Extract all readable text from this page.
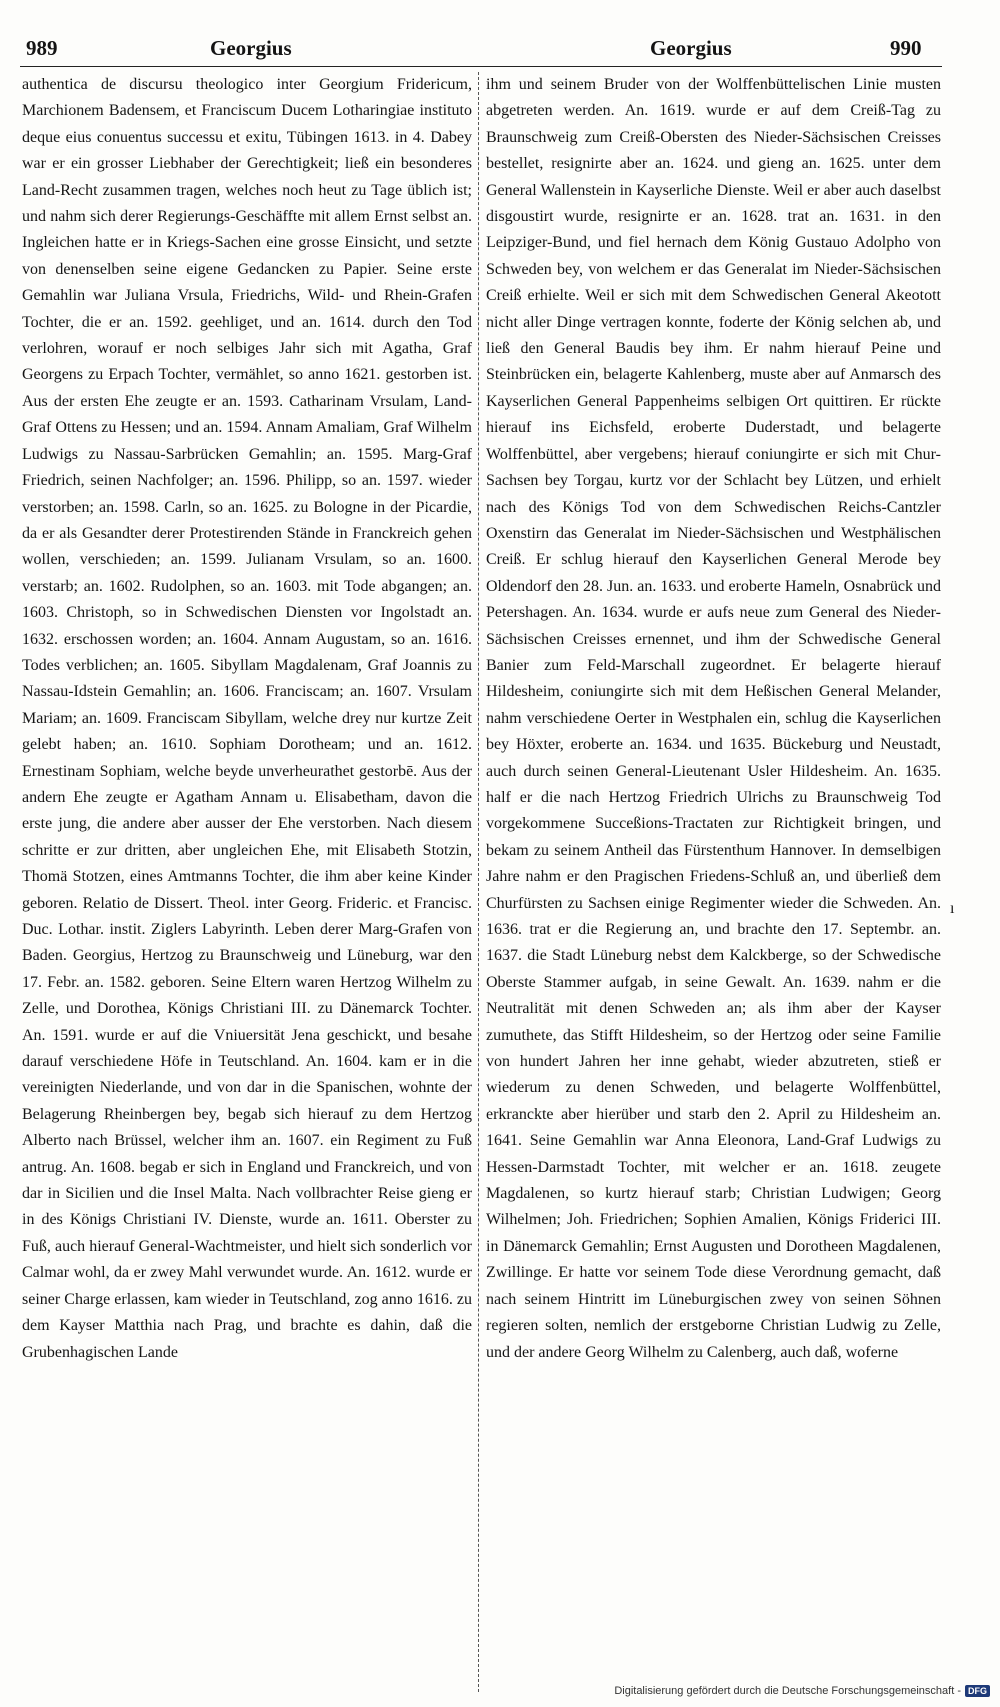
989	Georgius	Georgius	990

authentica de discursu theologico inter Georgium Fridericum, Marchionem Badensem, et Franciscum Ducem Lotharingiae instituto deque eius conuentus successu et exitu, Tübingen 1613. in 4. Dabey war er ein grosser Liebhaber der Gerechtigkeit; ließ ein besonderes Land-Recht zusammen tragen, welches noch heut zu Tage üblich ist; und nahm sich derer Regierungs-Geschäffte mit allem Ernst selbst an. Ingleichen hatte er in Kriegs-Sachen eine grosse Einsicht, und setzte von denenselben seine eigene Gedancken zu Papier. Seine erste Gemahlin war Juliana Vrsula, Friedrichs, Wild- und Rhein-Grafen Tochter, die er an. 1592. geehliget, und an. 1614. durch den Tod verlohren, worauf er noch selbiges Jahr sich mit Agatha, Graf Georgens zu Erpach Tochter, vermählet, so anno 1621. gestorben ist. Aus der ersten Ehe zeugte er an. 1593. Catharinam Vrsulam, Land-Graf Ottens zu Hessen; und an. 1594. Annam Amaliam, Graf Wilhelm Ludwigs zu Nassau-Sarbrücken Gemahlin; an. 1595. Marg-Graf Friedrich, seinen Nachfolger; an. 1596. Philipp, so an. 1597. wieder verstorben; an. 1598. Carln, so an. 1625. zu Bologne in der Picardie, da er als Gesandter derer Protestirenden Stände in Franckreich gehen wollen, verschieden; an. 1599. Julianam Vrsulam, so an. 1600. verstarb; an. 1602. Rudolphen, so an. 1603. mit Tode abgangen; an. 1603. Christoph, so in Schwedischen Diensten vor Ingolstadt an. 1632. erschossen worden; an. 1604. Annam Augustam, so an. 1616. Todes verblichen; an. 1605. Sibyllam Magdalenam, Graf Joannis zu Nassau-Idstein Gemahlin; an. 1606. Franciscam; an. 1607. Vrsulam Mariam; an. 1609. Franciscam Sibyllam, welche drey nur kurtze Zeit gelebt haben; an. 1610. Sophiam Dorotheam; und an. 1612. Ernestinam Sophiam, welche beyde unverheurathet gestorbē. Aus der andern Ehe zeugte er Agatham Annam u. Elisabetham, davon die erste jung, die andere aber ausser der Ehe verstorben. Nach diesem schritte er zur dritten, aber ungleichen Ehe, mit Elisabeth Stotzin, Thomä Stotzen, eines Amtmanns Tochter, die ihm aber keine Kinder geboren. Relatio de Dissert. Theol. inter Georg. Frideric. et Francisc. Duc. Lothar. instit. Ziglers Labyrinth. Leben derer Marg-Grafen von Baden. Georgius, Hertzog zu Braunschweig und Lüneburg, war den 17. Febr. an. 1582. geboren. Seine Eltern waren Hertzog Wilhelm zu Zelle, und Dorothea, Königs Christiani III. zu Dänemarck Tochter. An. 1591. wurde er auf die Vniuersität Jena geschickt, und besahe darauf verschiedene Höfe in Teutschland. An. 1604. kam er in die vereinigten Niederlande, und von dar in die Spanischen, wohnte der Belagerung Rheinbergen bey, begab sich hierauf zu dem Hertzog Alberto nach Brüssel, welcher ihm an. 1607. ein Regiment zu Fuß antrug. An. 1608. begab er sich in England und Franckreich, und von dar in Sicilien und die Insel Malta. Nach vollbrachter Reise gieng er in des Königs Christiani IV. Dienste, wurde an. 1611. Oberster zu Fuß, auch hierauf General-Wachtmeister, und hielt sich sonderlich vor Calmar wohl, da er zwey Mahl verwundet wurde. An. 1612. wurde er seiner Charge erlassen, kam wieder in Teutschland, zog anno 1616. zu dem Kayser Matthia nach Prag, und brachte es dahin, daß die Grubenhagischen Lande

ihm und seinem Bruder von der Wolffenbüttelischen Linie musten abgetreten werden. An. 1619. wurde er auf dem Creiß-Tag zu Braunschweig zum Creiß-Obersten des Nieder-Sächsischen Creisses bestellet, resignirte aber an. 1624. und gieng an. 1625. unter dem General Wallenstein in Kayserliche Dienste. Weil er aber auch daselbst disgoustirt wurde, resignirte er an. 1628. trat an. 1631. in den Leipziger-Bund, und fiel hernach dem König Gustauo Adolpho von Schweden bey, von welchem er das Generalat im Nieder-Sächsischen Creiß erhielte. Weil er sich mit dem Schwedischen General Akeotott nicht aller Dinge vertragen konnte, foderte der König selchen ab, und ließ den General Baudis bey ihm. Er nahm hierauf Peine und Steinbrücken ein, belagerte Kahlenberg, muste aber auf Anmarsch des Kayserlichen General Pappenheims selbigen Ort quittiren. Er rückte hierauf ins Eichsfeld, eroberte Duderstadt, und belagerte Wolffenbüttel, aber vergebens; hierauf coniungirte er sich mit Chur-Sachsen bey Torgau, kurtz vor der Schlacht bey Lützen, und erhielt nach des Königs Tod von dem Schwedischen Reichs-Cantzler Oxenstirn das Generalat im Nieder-Sächsischen und Westphälischen Creiß. Er schlug hierauf den Kayserlichen General Merode bey Oldendorf den 28. Jun. an. 1633. und eroberte Hameln, Osnabrück und Petershagen. An. 1634. wurde er aufs neue zum General des Nieder-Sächsischen Creisses ernennet, und ihm der Schwedische General Banier zum Feld-Marschall zugeordnet. Er belagerte hierauf Hildesheim, coniungirte sich mit dem Heßischen General Melander, nahm verschiedene Oerter in Westphalen ein, schlug die Kayserlichen bey Höxter, eroberte an. 1634. und 1635. Bückeburg und Neustadt, auch durch seinen General-Lieutenant Usler Hildesheim. An. 1635. half er die nach Hertzog Friedrich Ulrichs zu Braunschweig Tod vorgekommene Succeßions-Tractaten zur Richtigkeit bringen, und bekam zu seinem Antheil das Fürstenthum Hannover. In demselbigen Jahre nahm er den Pragischen Friedens-Schluß an, und überließ dem Churfürsten zu Sachsen einige Regimenter wieder die Schweden. An. 1636. trat er die Regierung an, und brachte den 17. Septembr. an. 1637. die Stadt Lüneburg nebst dem Kalckberge, so der Schwedische Oberste Stammer aufgab, in seine Gewalt. An. 1639. nahm er die Neutralität mit denen Schweden an; als ihm aber der Kayser zumuthete, das Stifft Hildesheim, so der Hertzog oder seine Familie von hundert Jahren her inne gehabt, wieder abzutreten, stieß er wiederum zu denen Schweden, und belagerte Wolffenbüttel, erkranckte aber hierüber und starb den 2. April zu Hildesheim an. 1641. Seine Gemahlin war Anna Eleonora, Land-Graf Ludwigs zu Hessen-Darmstadt Tochter, mit welcher er an. 1618. zeugete Magdalenen, so kurtz hierauf starb; Christian Ludwigen; Georg Wilhelmen; Joh. Friedrichen; Sophien Amalien, Königs Friderici III. in Dänemarck Gemahlin; Ernst Augusten und Dorotheen Magdalenen, Zwillinge. Er hatte vor seinem Tode diese Verordnung gemacht, daß nach seinem Hintritt im Lüneburgischen zwey von seinen Söhnen regieren solten, nemlich der erstgeborne Christian Ludwig zu Zelle, und der andere Georg Wilhelm zu Calenberg, auch daß, woferne

ı
Digitalisierung gefördert durch die Deutsche Forschungsgemeinschaft - DFG
